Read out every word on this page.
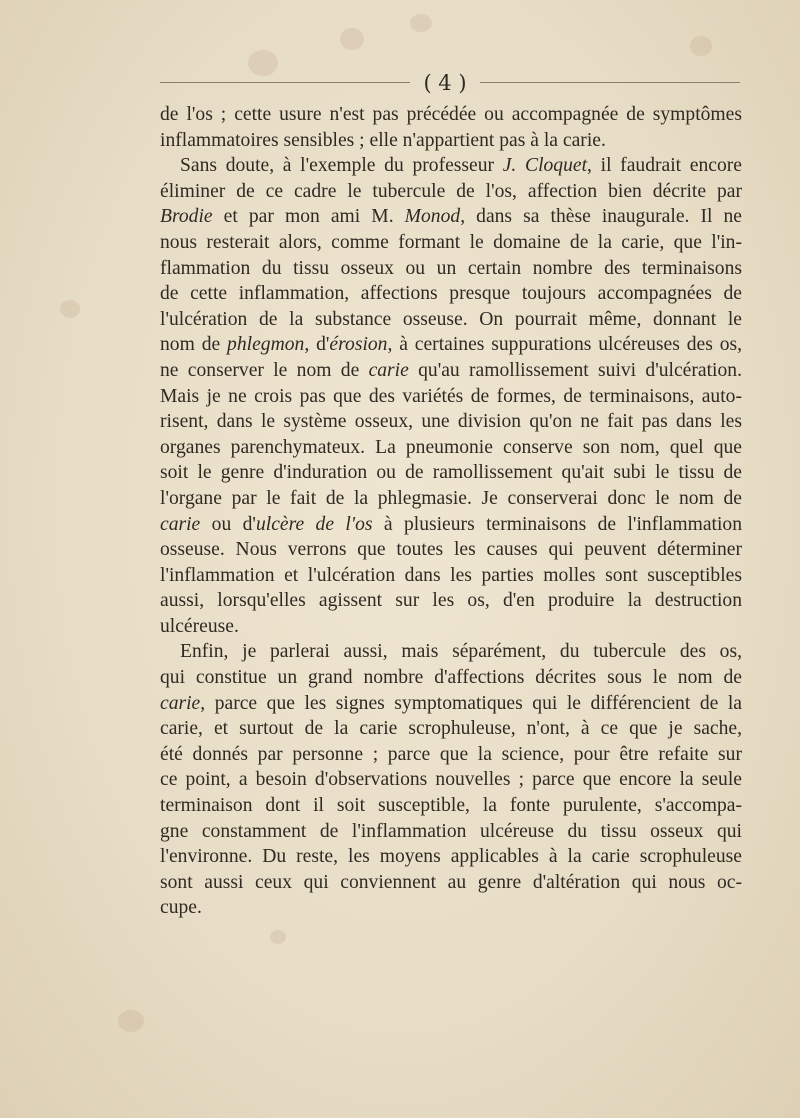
( 4 )

de l'os ; cette usure n'est pas précédée ou accompagnée de symptômes

inflammatoires sensibles ; elle n'appartient pas à la carie.

Sans doute, à l'exemple du professeur J. Cloquet, il faudrait encore

éliminer de ce cadre le tubercule de l'os, affection bien décrite par

Brodie et par mon ami M. Monod, dans sa thèse inaugurale. Il ne

nous resterait alors, comme formant le domaine de la carie, que l'in-

flammation du tissu osseux ou un certain nombre des terminaisons

de cette inflammation, affections presque toujours accompagnées de

l'ulcération de la substance osseuse. On pourrait même, donnant le

nom de phlegmon, d'érosion, à certaines suppurations ulcéreuses des os,

ne conserver le nom de carie qu'au ramollissement suivi d'ulcération.

Mais je ne crois pas que des variétés de formes, de terminaisons, auto-

risent, dans le système osseux, une division qu'on ne fait pas dans les

organes parenchymateux. La pneumonie conserve son nom, quel que

soit le genre d'induration ou de ramollissement qu'ait subi le tissu de

l'organe par le fait de la phlegmasie. Je conserverai donc le nom de

carie ou d'ulcère de l'os à plusieurs terminaisons de l'inflammation

osseuse. Nous verrons que toutes les causes qui peuvent déterminer

l'inflammation et l'ulcération dans les parties molles sont susceptibles

aussi, lorsqu'elles agissent sur les os, d'en produire la destruction

ulcéreuse.

Enfin, je parlerai aussi, mais séparément, du tubercule des os,

qui constitue un grand nombre d'affections décrites sous le nom de

carie, parce que les signes symptomatiques qui le différencient de la

carie, et surtout de la carie scrophuleuse, n'ont, à ce que je sache,

été donnés par personne ; parce que la science, pour être refaite sur

ce point, a besoin d'observations nouvelles ; parce que encore la seule

terminaison dont il soit susceptible, la fonte purulente, s'accompa-

gne constamment de l'inflammation ulcéreuse du tissu osseux qui

l'environne. Du reste, les moyens applicables à la carie scrophuleuse

sont aussi ceux qui conviennent au genre d'altération qui nous oc-

cupe.
